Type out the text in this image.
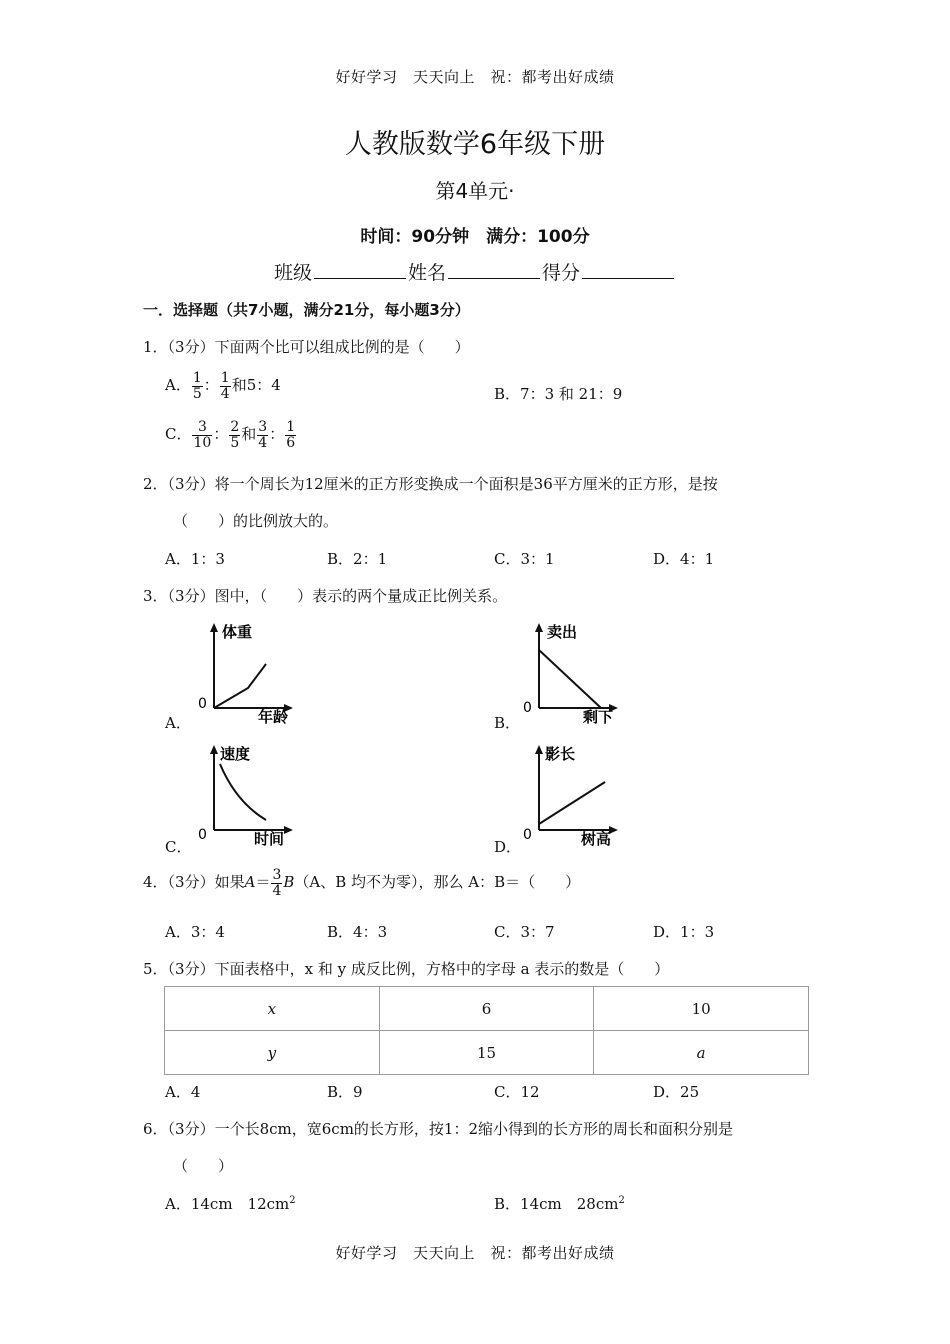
好好学习　天天向上　祝：都考出好成绩
人教版数学6年级下册
第4单元·
时间：90分钟　满分：100分
班级	姓名	得分
一．选择题（共7小题，满分21分，每小题3分）
1．（3分）下面两个比可以组成比例的是（　　）
A． $\frac{1}{5}$ ： $\frac{1}{4}$ 和5：4	B．7：3 和 21：9
C． $\frac{3}{10}$ ： $\frac{2}{5}$ 和 $\frac{3}{4}$ ： $\frac{1}{6}$
2．（3分）将一个周长为12厘米的正方形变换成一个面积是36平方厘米的正方形，是按
（　　）的比例放大的。
A．1：3	B．2：1	C．3：1	D．4：1
3．（3分）图中，（　　）表示的两个量成正比例关系。
A．
体重
0
年龄	B．
卖出
0	剩下
C．
速度
0	时间	D．
影长
0	树高
4．（3分）如果$A= \frac{3}{4} B(A$、B 均不为零），那么 A：B＝（　　）
A．3：4	B．4：3	C．3：7	D．1：3
5．（3分）下面表格中，x 和 y 成反比例，方格中的字母 a 表示的数是（　　）
x	6	10
y	15	a
A．4	B．9	C．12	D．25
6．（3分）一个长8cm，宽6cm的长方形，按1：2缩小得到的长方形的周长和面积分别是
（　　）
A．14cm　$12cm^2$	B．14cm　$28cm^2$
好好学习　天天向上　祝：都考出好成绩
